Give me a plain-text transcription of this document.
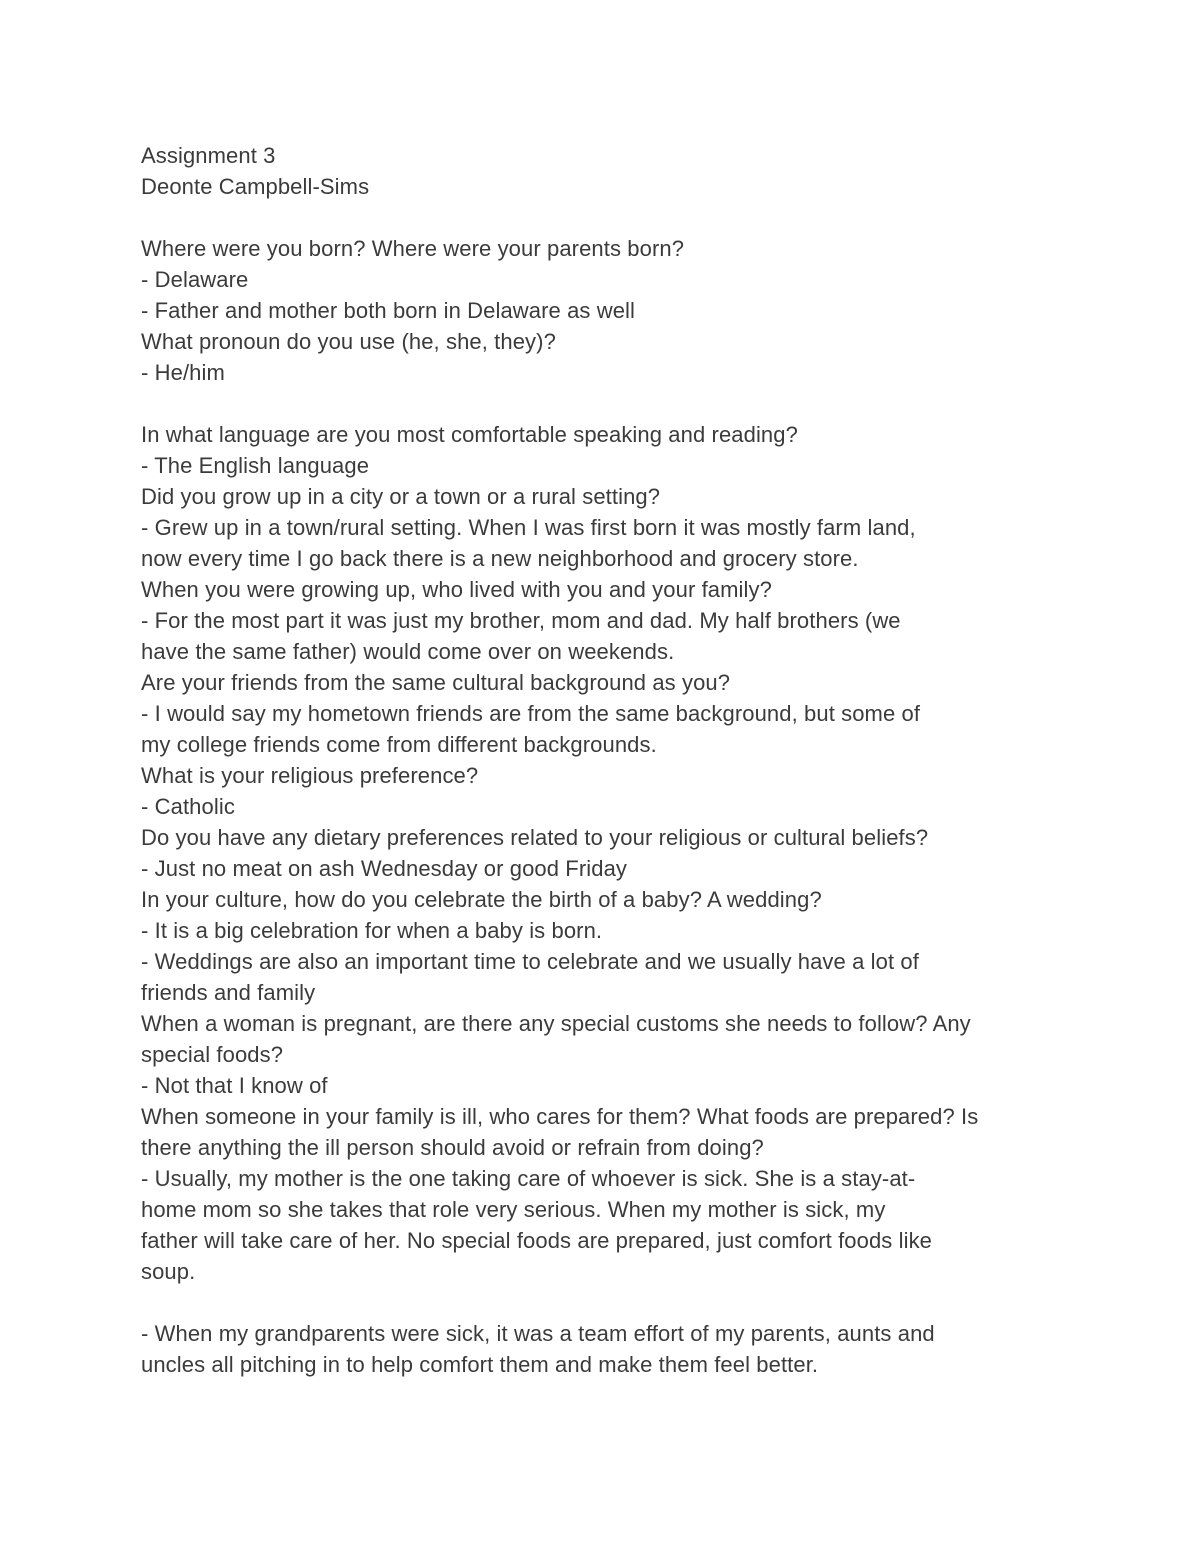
Assignment 3
Deonte Campbell-Sims
Where were you born? Where were your parents born?
- Delaware
- Father and mother both born in Delaware as well
What pronoun do you use (he, she, they)?
- He/him
In what language are you most comfortable speaking and reading?
- The English language
Did you grow up in a city or a town or a rural setting?
- Grew up in a town/rural setting. When I was first born it was mostly farm land,
now every time I go back there is a new neighborhood and grocery store.
When you were growing up, who lived with you and your family?
- For the most part it was just my brother, mom and dad. My half brothers (we
have the same father) would come over on weekends.
Are your friends from the same cultural background as you?
- I would say my hometown friends are from the same background, but some of
my college friends come from different backgrounds.
What is your religious preference?
- Catholic
Do you have any dietary preferences related to your religious or cultural beliefs?
- Just no meat on ash Wednesday or good Friday
In your culture, how do you celebrate the birth of a baby? A wedding?
- It is a big celebration for when a baby is born.
- Weddings are also an important time to celebrate and we usually have a lot of
friends and family
When a woman is pregnant, are there any special customs she needs to follow? Any
special foods?
- Not that I know of
When someone in your family is ill, who cares for them? What foods are prepared? Is
there anything the ill person should avoid or refrain from doing?
- Usually, my mother is the one taking care of whoever is sick. She is a stay-at-
home mom so she takes that role very serious. When my mother is sick, my
father will take care of her. No special foods are prepared, just comfort foods like
soup.
- When my grandparents were sick, it was a team effort of my parents, aunts and
uncles all pitching in to help comfort them and make them feel better.
